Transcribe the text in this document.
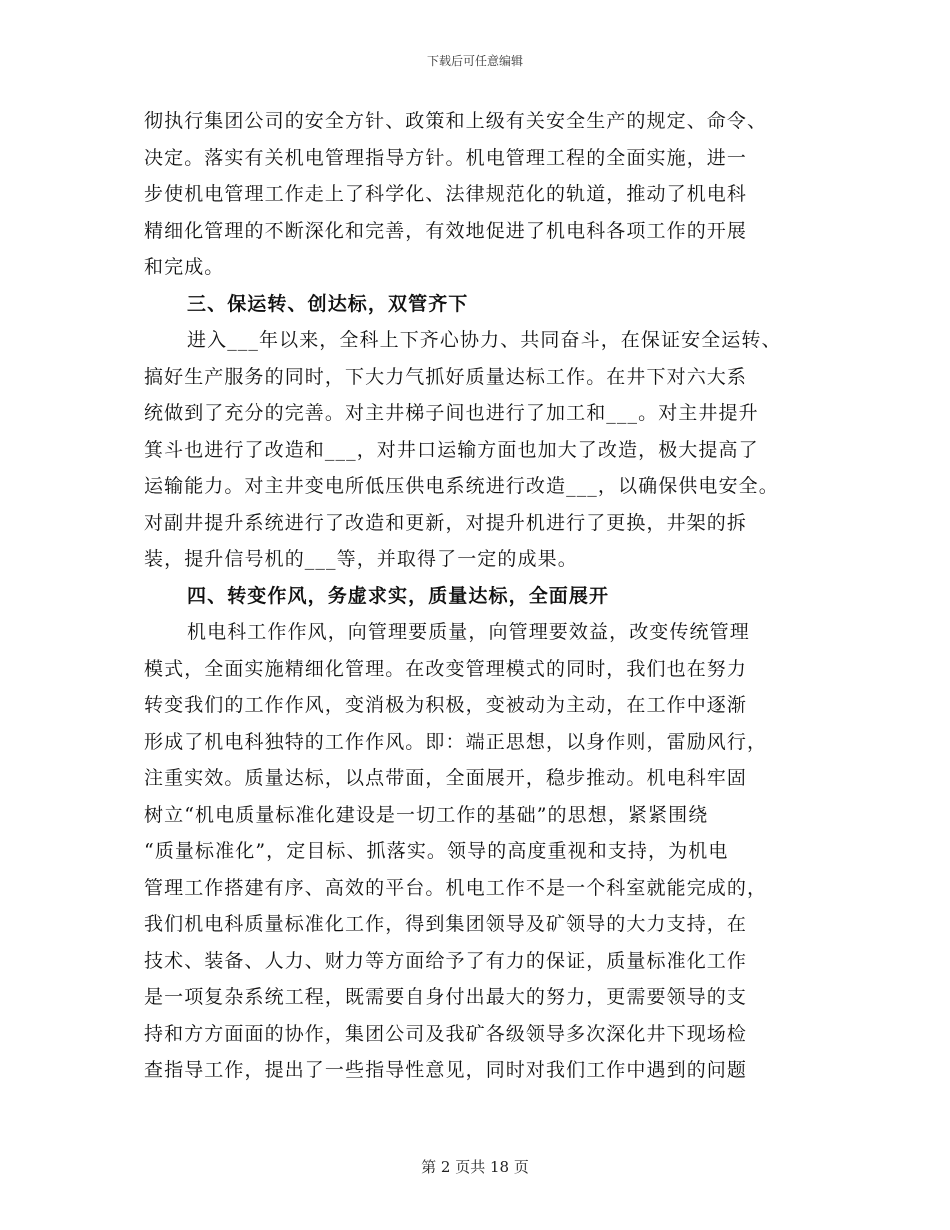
下载后可任意编辑
彻执行集团公司的安全方针、政策和上级有关安全生产的规定、命令、
决定。落实有关机电管理指导方针。机电管理工程的全面实施，进一
步使机电管理工作走上了科学化、法律规范化的轨道，推动了机电科
精细化管理的不断深化和完善，有效地促进了机电科各项工作的开展
和完成。
三、保运转、创达标，双管齐下
进入___年以来，全科上下齐心协力、共同奋斗，在保证安全运转、
搞好生产服务的同时，下大力气抓好质量达标工作。在井下对六大系
统做到了充分的完善。对主井梯子间也进行了加工和___。对主井提升
箕斗也进行了改造和___，对井口运输方面也加大了改造，极大提高了
运输能力。对主井变电所低压供电系统进行改造___，以确保供电安全。
对副井提升系统进行了改造和更新，对提升机进行了更换，井架的拆
装，提升信号机的___等，并取得了一定的成果。
四、转变作风，务虚求实，质量达标，全面展开
机电科工作作风，向管理要质量，向管理要效益，改变传统管理
模式，全面实施精细化管理。在改变管理模式的同时，我们也在努力
转变我们的工作作风，变消极为积极，变被动为主动，在工作中逐渐
形成了机电科独特的工作作风。即：端正思想，以身作则，雷励风行，
注重实效。质量达标，以点带面，全面展开，稳步推动。机电科牢固
树立“机电质量标准化建设是一切工作的基础”的思想，紧紧围绕
“质量标准化”，定目标、抓落实。领导的高度重视和支持，为机电
管理工作搭建有序、高效的平台。机电工作不是一个科室就能完成的，
我们机电科质量标准化工作，得到集团领导及矿领导的大力支持，在
技术、装备、人力、财力等方面给予了有力的保证，质量标准化工作
是一项复杂系统工程，既需要自身付出最大的努力，更需要领导的支
持和方方面面的协作，集团公司及我矿各级领导多次深化井下现场检
查指导工作，提出了一些指导性意见，同时对我们工作中遇到的问题
第 2 页共 18 页
